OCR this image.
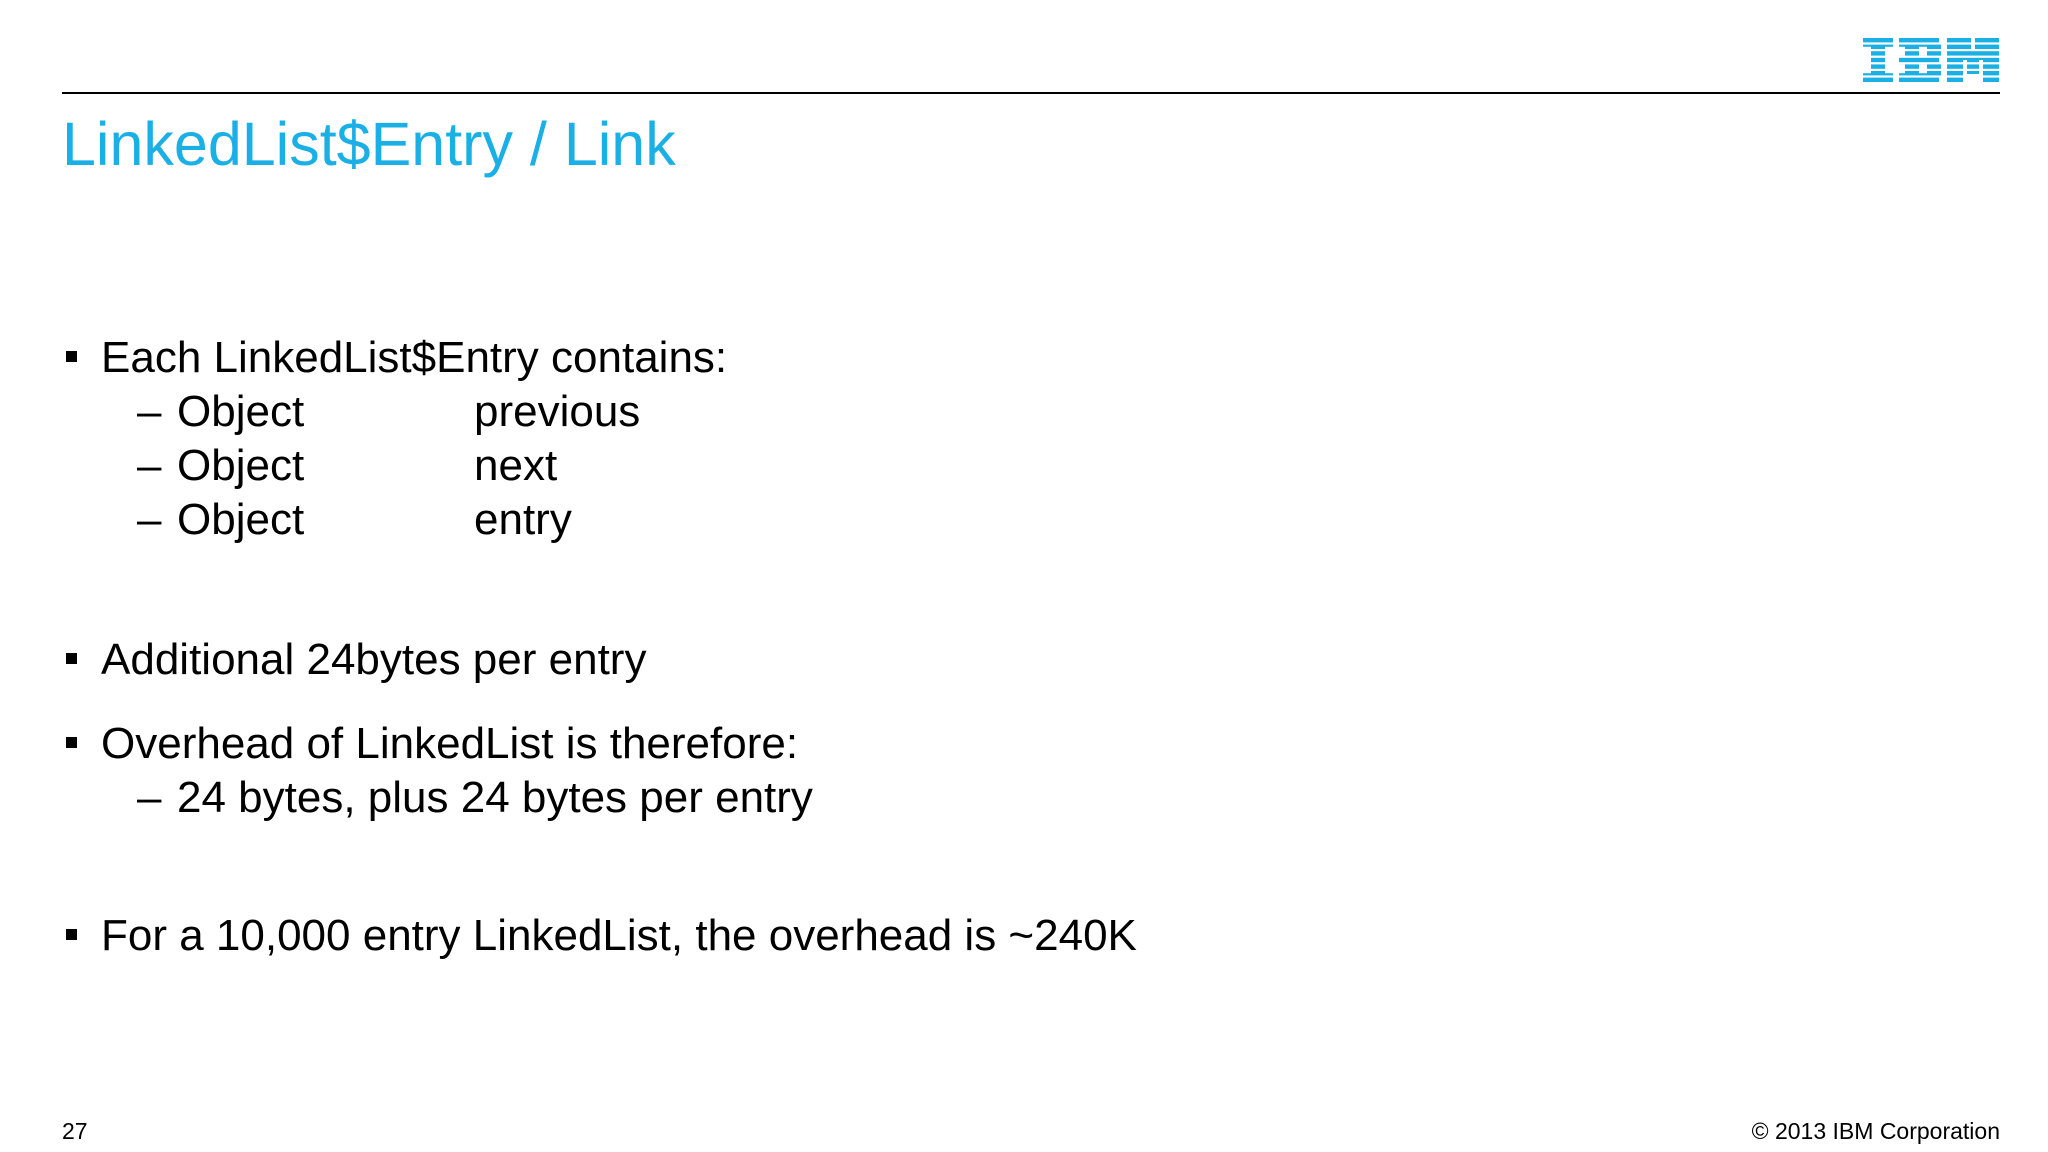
LinkedList$Entry / Link
Each LinkedList$Entry contains:
– Object	previous
– Object	next
– Object	entry
Additional 24bytes per entry
Overhead of LinkedList is therefore:
– 24 bytes, plus 24 bytes per entry
For a 10,000 entry LinkedList, the overhead is ~240K
27	© 2013 IBM Corporation
